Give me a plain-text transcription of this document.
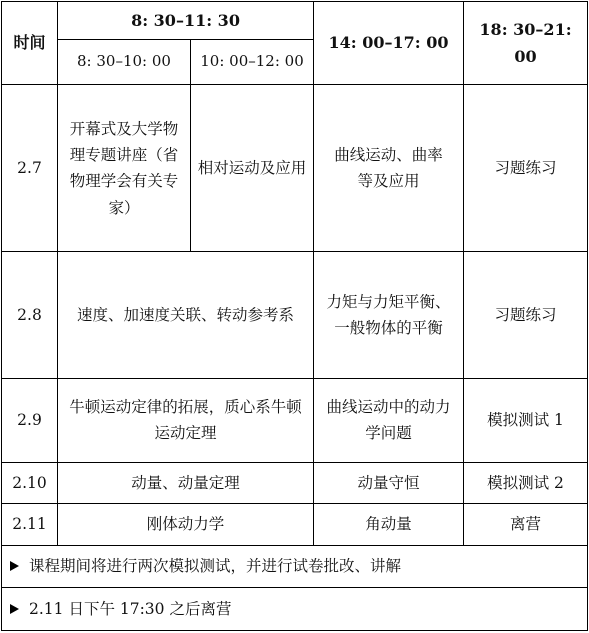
时间	8: 30–11: 30		14: 00–17: 00	18: 30–21: 00
	8: 30–10: 00	10: 00–12: 00		
2.7	开幕式及大学物理专题讲座（省物理学会有关专家）	相对运动及应用	曲线运动、曲率等及应用	习题练习
2.8	速度、加速度关联、转动参考系		力矩与力矩平衡、一般物体的平衡	习题练习
2.9	牛顿运动定律的拓展，质心系牛顿运动定理		曲线运动中的动力学问题	模拟测试 1
2.10	动量、动量定理		动量守恒	模拟测试 2
2.11	刚体动力学		角动量	离营
课程期间将进行两次模拟测试，并进行试卷批改、讲解				
2.11 日下午 17:30 之后离营				
